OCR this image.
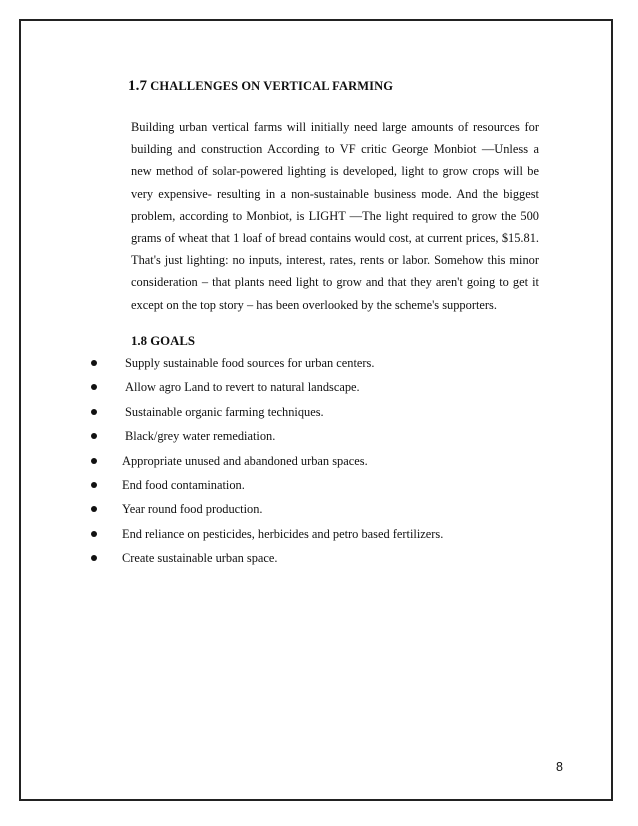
1.7 CHALLENGES ON VERTICAL FARMING

Building urban vertical farms will initially need large amounts of resources for building and construction According to VF critic George Monbiot ―Unless a new method of solar-powered lighting is developed, light to grow crops will be very expensive- resulting in a non-sustainable business mode. And the biggest problem, according to Monbiot, is LIGHT ―The light required to grow the 500 grams of wheat that 1 loaf of bread contains would cost, at current prices, $15.81. That's just lighting: no inputs, interest, rates, rents or labor. Somehow this minor consideration – that plants need light to grow and that they aren't going to get it except on the top story – has been overlooked by the scheme's supporters.

1.8 GOALS
Supply sustainable food sources for urban centers.
Allow agro Land to revert to natural landscape.
Sustainable organic farming techniques.
Black/grey water remediation.
Appropriate unused and abandoned urban spaces.
End food contamination.
Year round food production.
End reliance on pesticides, herbicides and petro based fertilizers.
Create sustainable urban space.
8
